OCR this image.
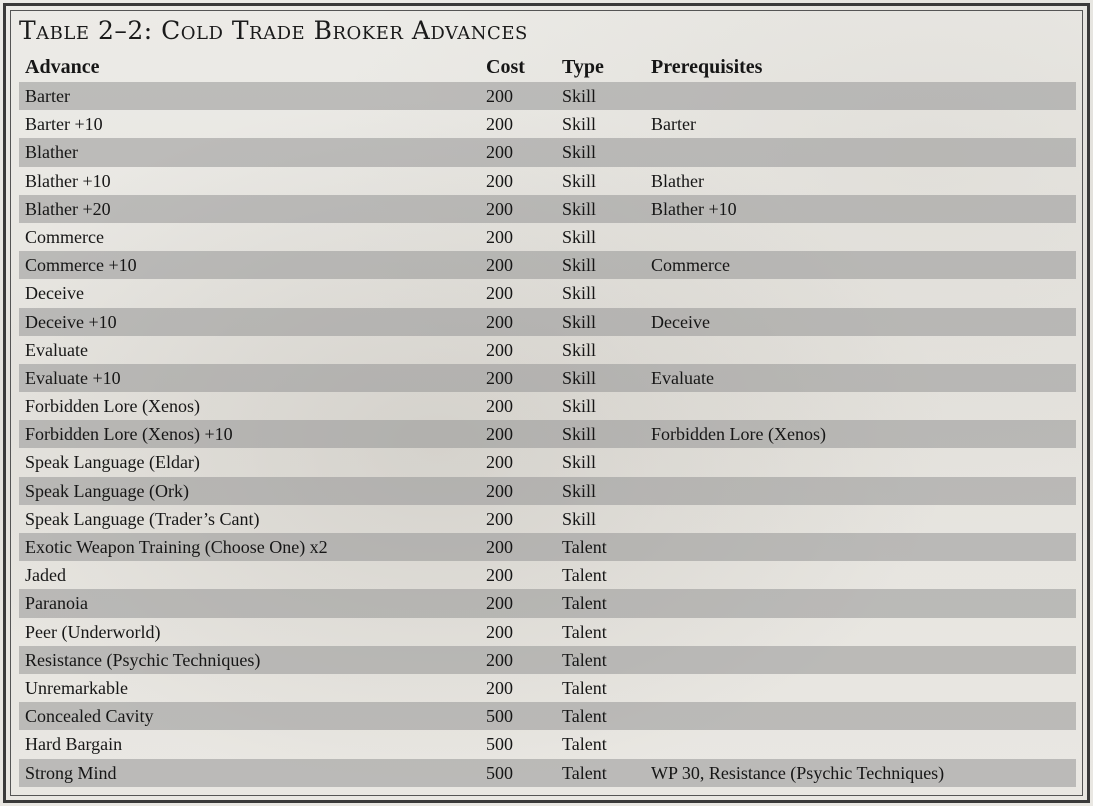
Table 2–2: Cold Trade Broker Advances
Advance	Cost	Type	Prerequisites
Barter	200	Skill
Barter +10	200	Skill	Barter
Blather	200	Skill
Blather +10	200	Skill	Blather
Blather +20	200	Skill	Blather +10
Commerce	200	Skill
Commerce +10	200	Skill	Commerce
Deceive	200	Skill
Deceive +10	200	Skill	Deceive
Evaluate	200	Skill
Evaluate +10	200	Skill	Evaluate
Forbidden Lore (Xenos)	200	Skill
Forbidden Lore (Xenos) +10	200	Skill	Forbidden Lore (Xenos)
Speak Language (Eldar)	200	Skill
Speak Language (Ork)	200	Skill
Speak Language (Trader’s Cant)	200	Skill
Exotic Weapon Training (Choose One) x2	200	Talent
Jaded	200	Talent
Paranoia	200	Talent
Peer (Underworld)	200	Talent
Resistance (Psychic Techniques)	200	Talent
Unremarkable	200	Talent
Concealed Cavity	500	Talent
Hard Bargain	500	Talent
Strong Mind	500	Talent	WP 30, Resistance (Psychic Techniques)
